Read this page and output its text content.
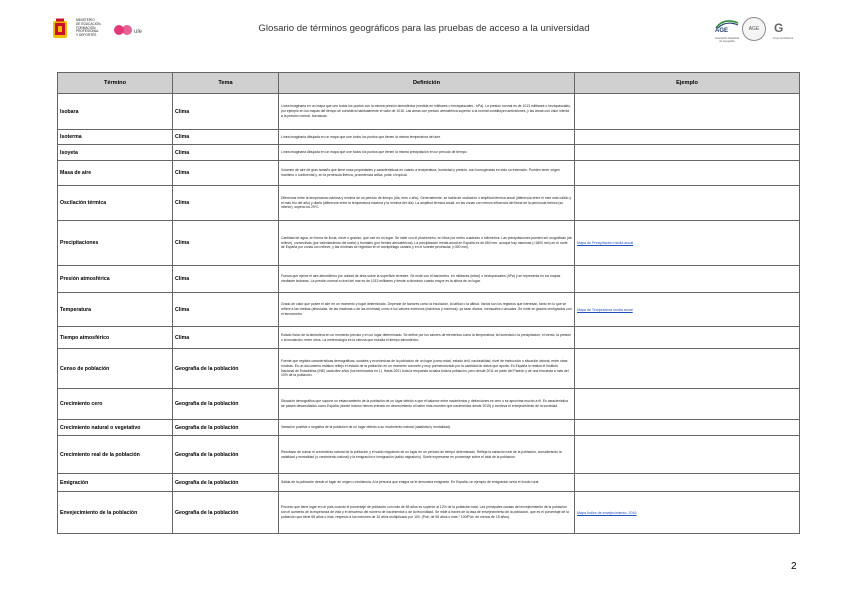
MINISTERIO
DE EDUCACIÓN, FORMACIÓN PROFESIONAL
Y DEPORTES
ule	Glosario de términos geográficos para las pruebas de acceso a la universidad	AGE
Asociación Española de Geografía
AGE	G
Grupo de Didáctica
Término	Tema	Definición	Ejemplo
Isobara	Clima	Línea imaginaria en un mapa que une todos los puntos con la misma presión atmosférica (medida en milibares o hectopascales - hPa). La presión normal es de 1013 milibares o hectopascales, por ejemplo en los mapas del tiempo se considera habitualmente el valor de 1016. Las áreas con presión atmosférica superior a la normal constituyen anticiclones, y las áreas con valor inferior a la presión normal, borrascas.	
Isoterma	Clima	Línea imaginaria dibujada en un mapa que une todos los puntos que tienen la misma temperatura del aire.	
Isoyeta	Clima	Línea imaginaria dibujada en un mapa que une todos los puntos que tienen la misma precipitación en un período de tiempo.	
Masa de aire	Clima	Volumen de aire de gran tamaño que tiene unas propiedades y características en cuanto a temperatura, humedad y presión, son homogéneas en todo su extensión. Pueden tener origen marítimo o continental y, en la península Ibérica, procedencia ártica, polar o tropical.	
Oscilación térmica	Clima	Diferencia entre la temperatura máxima y mínima de un periodo de tiempo (día, mes o año). Generalmente, se habla de oscilación o amplitud térmica anual (diferencia entre el mes más cálido y el más frío del año) y diaria (diferencia entre la temperatura máxima y la mínima del día). La amplitud térmica anual, en las zonas con menos influencia del litoral de la península Ibérica (su interior), supera los 20ºC.	
Precipitaciones	Clima	Cantidad de agua, en forma de lluvia, nieve o granizo, que cae en un lugar. Se mide con el pluviómetro, en litros por metro cuadrado o milímetros. Las precipitaciones pueden ser orográficas (de relieve), convectivas (por calentamiento del suelo) y frontales (por frentes atmosféricos). La precipitación media anual en España es de 650 mm, aunque hay máximas (>1800 mm) en el norte de España por zonas con relieve, y las mínimas se registran en el archipiélago canario y en el sureste peninsular (<300 mm).	Mapa de Precipitación media anual
Presión atmosférica	Clima	Fuerza que ejerce el aire atmosférico por unidad de área sobre la superficie terrestre. Se mide con el barómetro, en milibares (mbar) o hectopascales (hPa) y se representa en los mapas mediante isobaras. La presión normal a nivel del mar es de 1013 milibares y tiende a disminuir cuanto mayor es la altura de un lugar.	
Temperatura	Clima	Grado de calor que posee el aire en un momento y lugar determinado. Depende de factores como la insolación, la latitud o la altitud. Varios son los registros que interesan, tanto en lo que se refiere a las medias (absolutas, de las máximas o de las mínimas) como a los valores extremos (máximos y mínimos), ya sean diarios, mensuales o anuales. Se mide en grados centígrados con el termómetro.	Mapa de Temperatura media anual
Tiempo atmosférico	Clima	Estado físico de la atmósfera en un momento preciso y en un lugar determinado. Se define por los valores de elementos como la temperatura, la humedad o la precipitación, el viento, la presión o la insolación, entre otros. La meteorología es la ciencia que estudia el tiempo atmosférico.	
Censo de población	Geografía de la población	Fuente que registra características demográficas, sociales y económicas de la población de un lugar (como edad, estado civil, nacionalidad, nivel de instrucción o situación laboral, entre otras muchas. Es un documento estático reflejo el estado de la población en un momento concreto y muy pormenorizado por la cantidad de datos que aporta. En España lo realiza el Instituto Nacional de Estadística (INE) cada diez años (los terminados en 1). Hasta 2001 toda la respuesta la daba toda la población, pero desde 2011 se parte del Padrón y de una encuesta a más del 10% de la población.	
Crecimiento cero	Geografía de la población	Situación demográfica que supone un estancamiento de la población de un lugar debido a que el balance entre nacimientos y defunciones es cero o se aproxima mucho a él. Es característica de países desarrollados como España (donde incluso hemos entrado en decrecimiento al haber más muertes que nacimientos desde 2015) y conlleva el envejecimiento de la sociedad.	
Crecimiento natural o vegetativo	Geografía de la población	Variación positiva o negativa de la población de un lugar debido a su movimiento natural (natalidad y mortalidad).	
Crecimiento real de la población	Geografía de la población	Resultado de sumar el crecimiento natural de la población y el saldo migratorio de un lugar en un período de tiempo determinado. Refleja la variación real de la población, considerando la natalidad y mortalidad (o crecimiento natural) y la emigración e inmigración (saldo migratorio). Suele expresarse en porcentaje sobre el total de la población.	
Emigración	Geografía de la población	Salida de la población desde el lugar de origen o residencia. A la persona que emigra se le denomina emigrante. En España, un ejemplo de emigración sería el éxodo rural.	
Envejecimiento de la población	Geografía de la población	Proceso que tiene lugar en un país cuando el porcentaje de población con más de 65 años es superior al 12% de la población total. Las principales causas del envejecimiento de la población son el aumento de la esperanza de vida y el descenso del número de nacimientos o de la fecundidad. Se mide a través de la tasa de envejecimiento de la población, que es el porcentaje de la población que tiene 65 años o más, respecto a los menores de 15 años multiplicado por 100. (Pob. de 65 años o más * 100/Pob. de menos de 15 años).	Mapa Índice de envejecimiento, 2016
2
